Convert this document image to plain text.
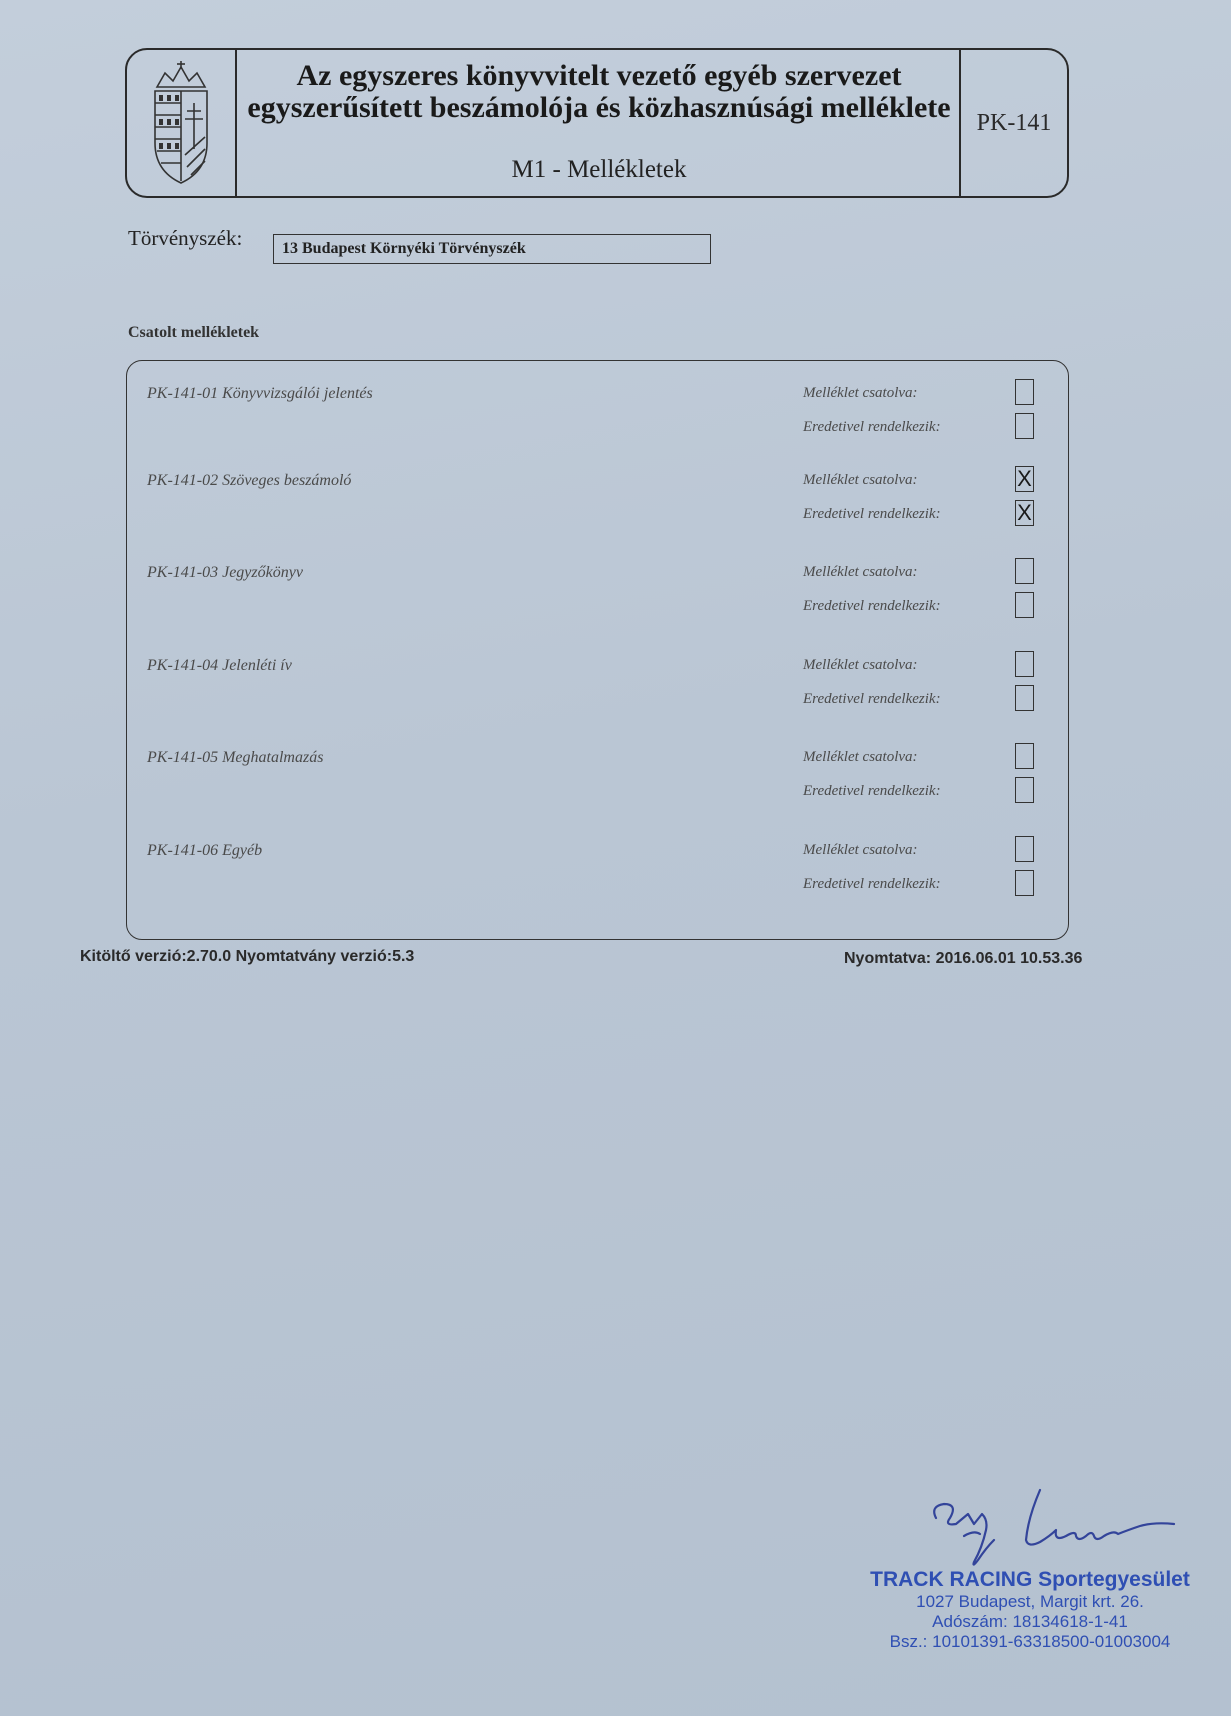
Az egyszeres könyvvitelt vezető egyéb szervezet
egyszerűsített beszámolója és közhasznúsági melléklete
M1 - Mellékletek
PK-141
Törvényszék:	13 Budapest Környéki Törvényszék
Csatolt mellékletek
PK-141-01 Könyvvizsgálói jelentés	Melléklet csatolva:
Eredetivel rendelkezik:
PK-141-02 Szöveges beszámoló	Melléklet csatolva:	X
Eredetivel rendelkezik:	X
PK-141-03 Jegyzőkönyv	Melléklet csatolva:
Eredetivel rendelkezik:
PK-141-04 Jelenléti ív	Melléklet csatolva:
Eredetivel rendelkezik:
PK-141-05 Meghatalmazás	Melléklet csatolva:
Eredetivel rendelkezik:
PK-141-06 Egyéb	Melléklet csatolva:
Eredetivel rendelkezik:
Kitöltő verzió:2.70.0 Nyomtatvány verzió:5.3	Nyomtatva: 2016.06.01 10.53.36
TRACK RACING Sportegyesület
1027 Budapest, Margit krt. 26.
Adószám: 18134618-1-41
Bsz.: 10101391-63318500-01003004
